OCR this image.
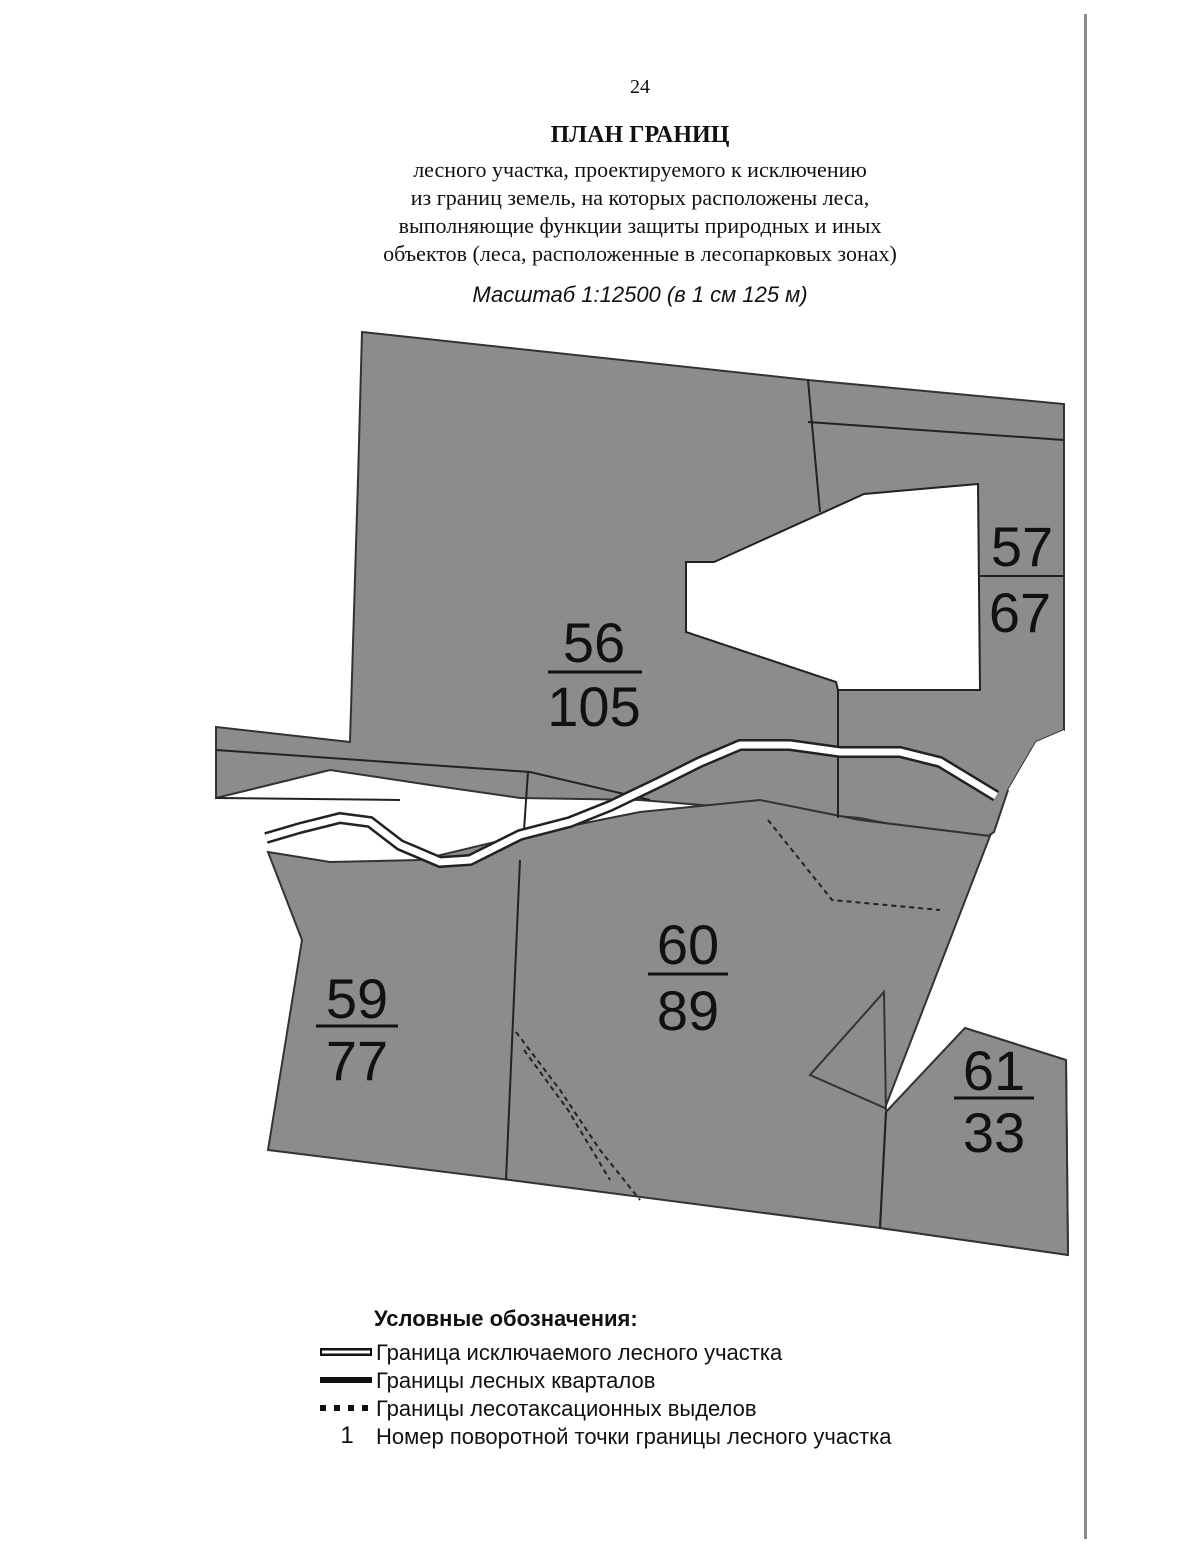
24
ПЛАН ГРАНИЦ
лесного участка, проектируемого к исключению
из границ земель, на которых расположены леса,
выполняющие функции защиты природных и иных
объектов (леса, расположенные в лесопарковых зонах)
Масштаб 1:12500 (в 1 см 125 м)
56
105
57
67
59
77
60
89
61
33
Условные обозначения:
Граница исключаемого лесного участка
Границы лесных кварталов
Границы лесотаксационных выделов
1	Номер поворотной точки границы лесного участка
